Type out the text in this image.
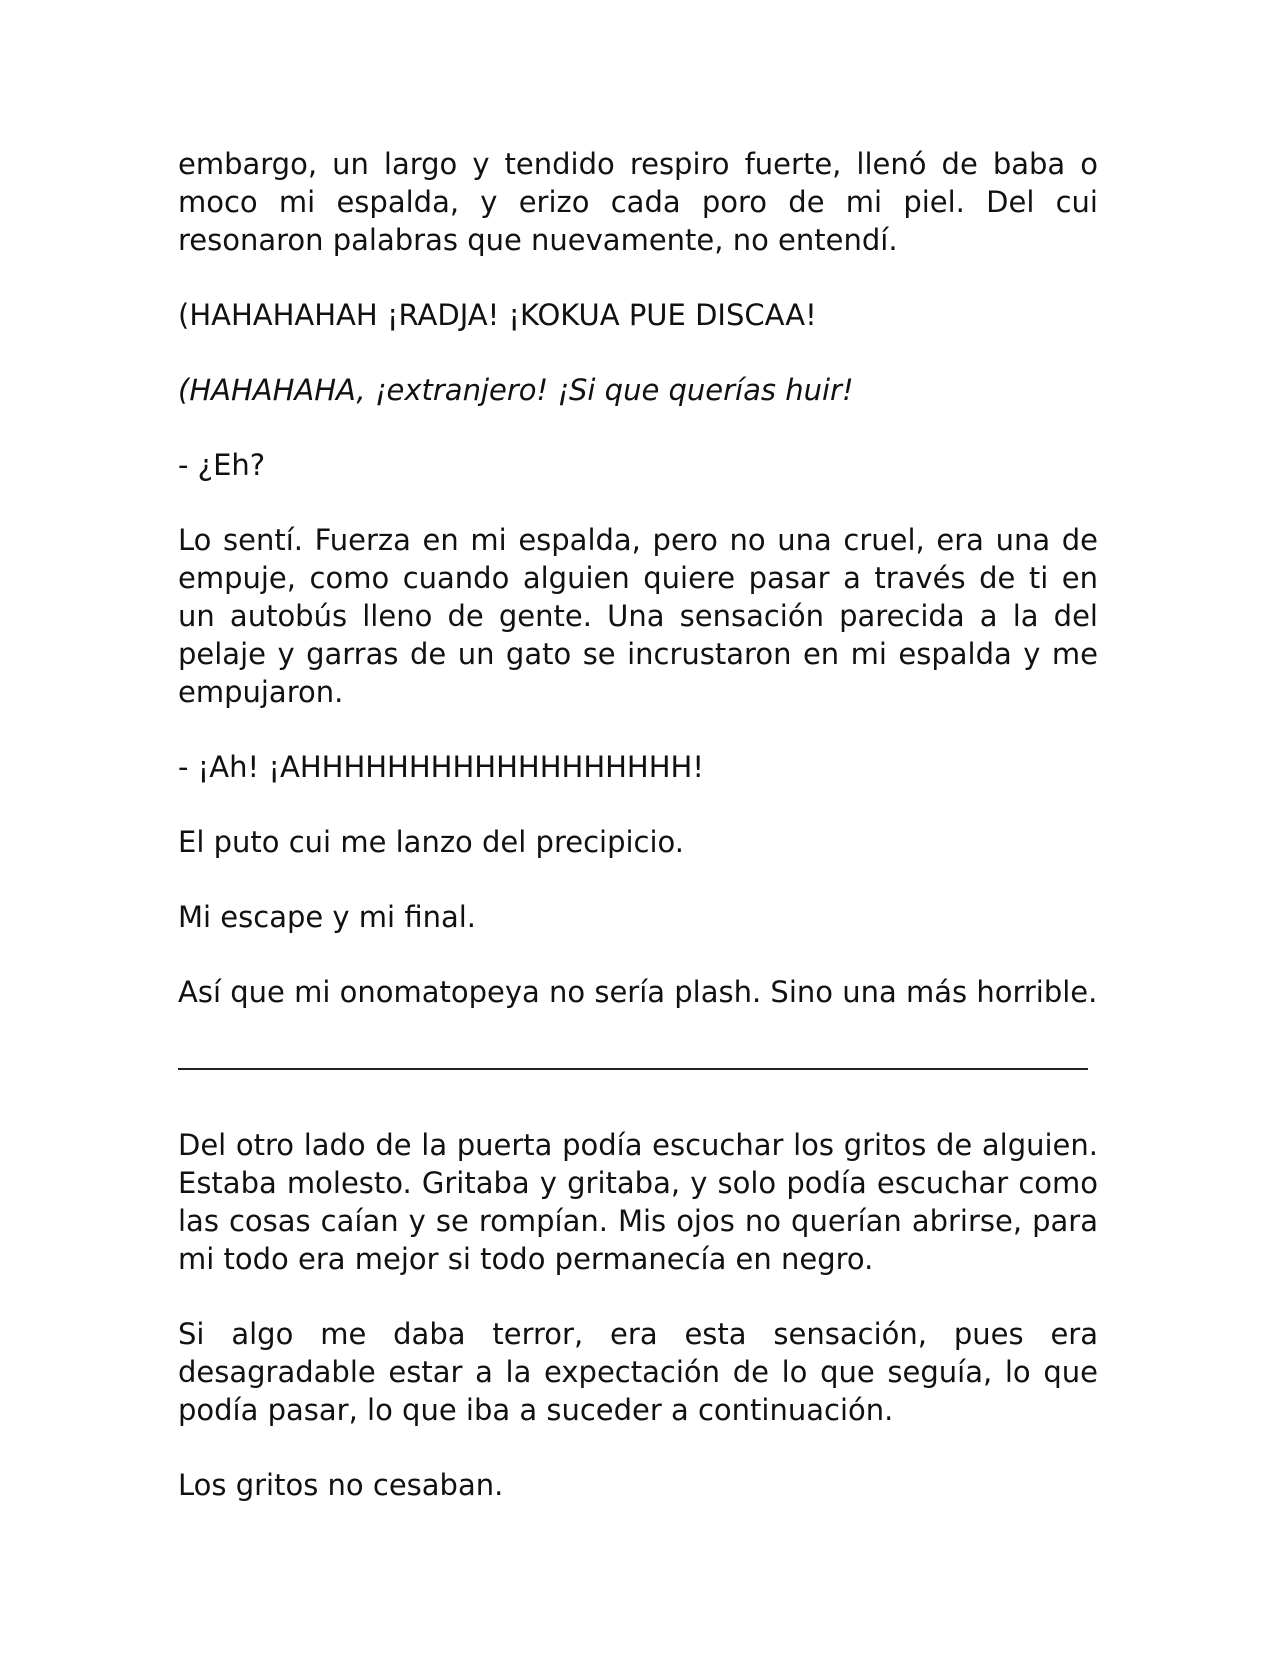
embargo, un largo y tendido respiro fuerte, llenó de baba o moco mi espalda, y erizo cada poro de mi piel. Del cui resonaron palabras que nuevamente, no entendí.

(HAHAHAHAH ¡RADJA! ¡KOKUA PUE DISCAA!

(HAHAHAHA, ¡extranjero! ¡Si que querías huir!

- ¿Eh?

Lo sentí. Fuerza en mi espalda, pero no una cruel, era una de empuje, como cuando alguien quiere pasar a través de ti en un autobús lleno de gente. Una sensación parecida a la del pelaje y garras de un gato se incrustaron en mi espalda y me empujaron.

- ¡Ah! ¡AHHHHHHHHHHHHHHHHHH!

El puto cui me lanzo del precipicio.

Mi escape y mi final.

Así que mi onomatopeya no sería plash. Sino una más horrible.

Del otro lado de la puerta podía escuchar los gritos de alguien. Estaba molesto. Gritaba y gritaba, y solo podía escuchar como las cosas caían y se rompían. Mis ojos no querían abrirse, para mi todo era mejor si todo permanecía en negro.

Si algo me daba terror, era esta sensación, pues era desagradable estar a la expectación de lo que seguía, lo que podía pasar, lo que iba a suceder a continuación.

Los gritos no cesaban.
